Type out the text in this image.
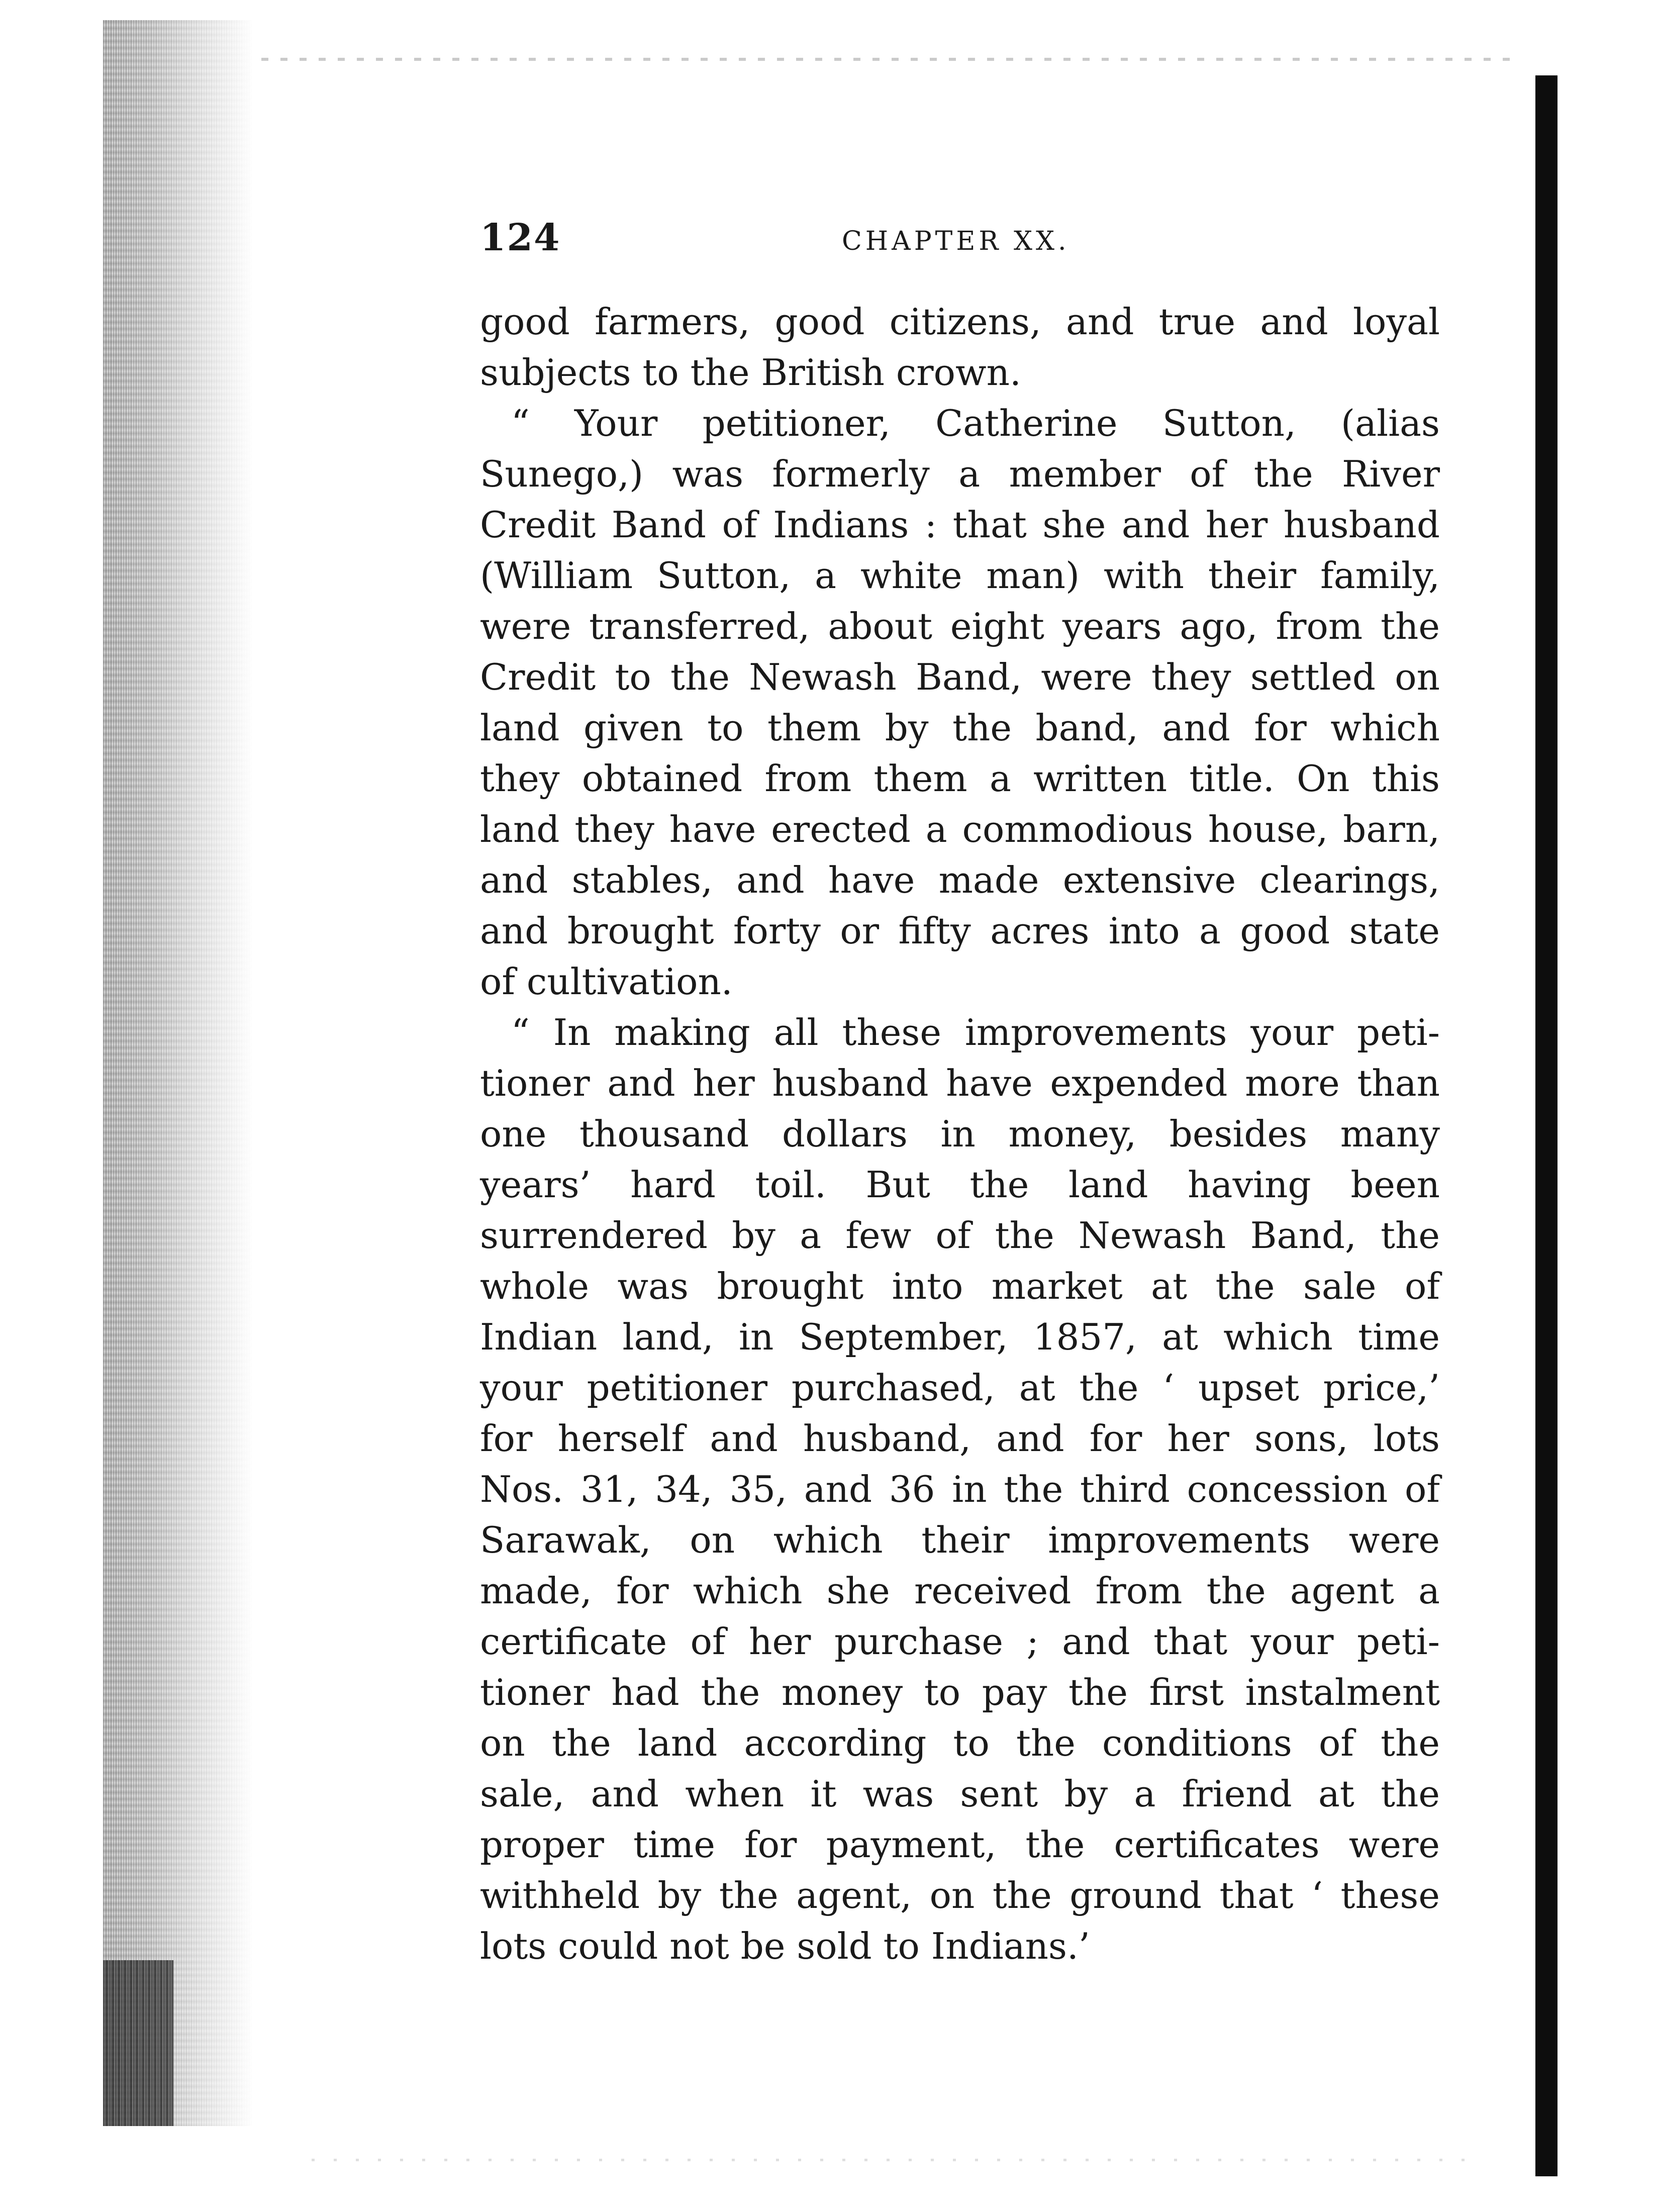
124	CHAPTER XX.
good farmers, good citizens, and true and loyal
subjects to the British crown.
“ Your petitioner, Catherine Sutton, (alias
Sunego,) was formerly a member of the River
Credit Band of Indians : that she and her husband
(William Sutton, a white man) with their family,
were transferred, about eight years ago, from the
Credit to the Newash Band, were they settled on
land given to them by the band, and for which
they obtained from them a written title. On this
land they have erected a commodious house, barn,
and stables, and have made extensive clearings,
and brought forty or fifty acres into a good state
of cultivation.
“ In making all these improvements your peti-
tioner and her husband have expended more than
one thousand dollars in money, besides many
years’ hard toil. But the land having been
surrendered by a few of the Newash Band, the
whole was brought into market at the sale of
Indian land, in September, 1857, at which time
your petitioner purchased, at the ‘ upset price,’
for herself and husband, and for her sons, lots
Nos. 31, 34, 35, and 36 in the third concession of
Sarawak, on which their improvements were
made, for which she received from the agent a
certificate of her purchase ; and that your peti-
tioner had the money to pay the first instalment
on the land according to the conditions of the
sale, and when it was sent by a friend at the
proper time for payment, the certificates were
withheld by the agent, on the ground that ‘ these
lots could not be sold to Indians.’
